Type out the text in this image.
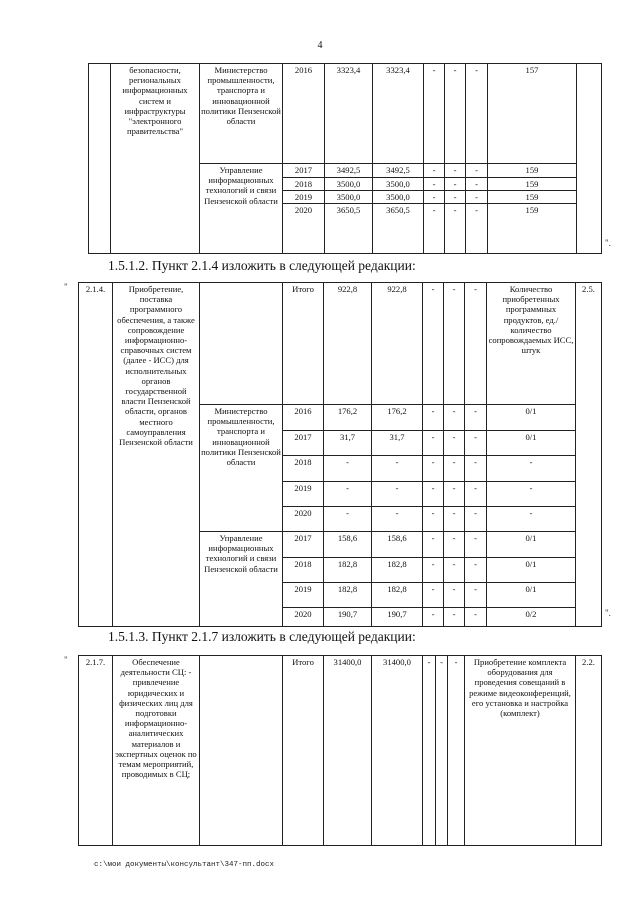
4
	безопасности, региональных информационных систем и инфраструктуры "электронного правительства"	Министерство промышленности, транспорта и инновационной политики Пензенской области	2016	3323,4	3323,4	-	-	-	157	
		Управление информационных технологий и связи Пензенской области	2017	3492,5	3492,5	-	-	-	159	
			2018	3500,0	3500,0	-	-	-	159	
			2019	3500,0	3500,0	-	-	-	159	
			2020	3650,5	3650,5	-	-	-	159	
".
1.5.1.2. Пункт 2.1.4 изложить в следующей редакции:
" 2.1.4.	Приобретение, поставка программного обеспечения, а также сопровождение информационно-справочных систем (далее - ИСС) для исполнительных органов государственной власти Пензенской области, органов местного самоуправления Пензенской области		Итого	922,8	922,8	-	-	-	Количество приобретенных программных продуктов, ед./количество сопровождаемых ИСС, штук	2.5.
		Министерство промышленности, транспорта и инновационной политики Пензенской области	2016	176,2	176,2	-	-	-	0/1	
			2017	31,7	31,7	-	-	-	0/1	
			2018	-	-	-	-	-	-	
			2019	-	-	-	-	-	-	
			2020	-	-	-	-	-	-	
		Управление информационных технологий и связи Пензенской области	2017	158,6	158,6	-	-	-	0/1	
			2018	182,8	182,8	-	-	-	0/1	
			2019	182,8	182,8	-	-	-	0/1	
			2020	190,7	190,7	-	-	-	0/2		".
1.5.1.3. Пункт 2.1.7 изложить в следующей редакции:
" 2.1.7.	Обеспечение деятельности СЦ: - привлечение юридических и физических лиц для подготовки информационно-аналитических материалов и экспертных оценок по темам мероприятий, проводимых в СЦ;		Итого	31400,0	31400,0	-	-	-	Приобретение комплекта оборудования для проведения совещаний в режиме видеоконференций, его установка и настройка (комплект)	2.2.
c:\мои документы\консультант\347-пп.docx
